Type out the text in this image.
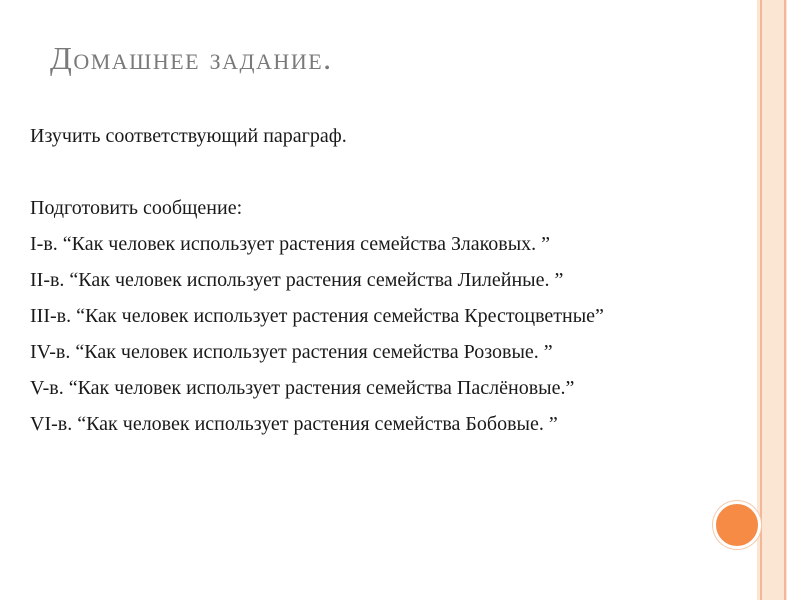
Домашнее задание.
Изучить соответствующий параграф.
Подготовить сообщение:
I-в. “Как человек использует растения семейства Злаковых. ”
II-в. “Как человек использует растения семейства Лилейные. ”
III-в. “Как человек использует растения семейства Крестоцветные”
IV-в. “Как человек использует растения семейства Розовые. ”
V-в. “Как человек использует растения семейства Паслёновые.”
VI-в. “Как человек использует растения семейства Бобовые. ”
